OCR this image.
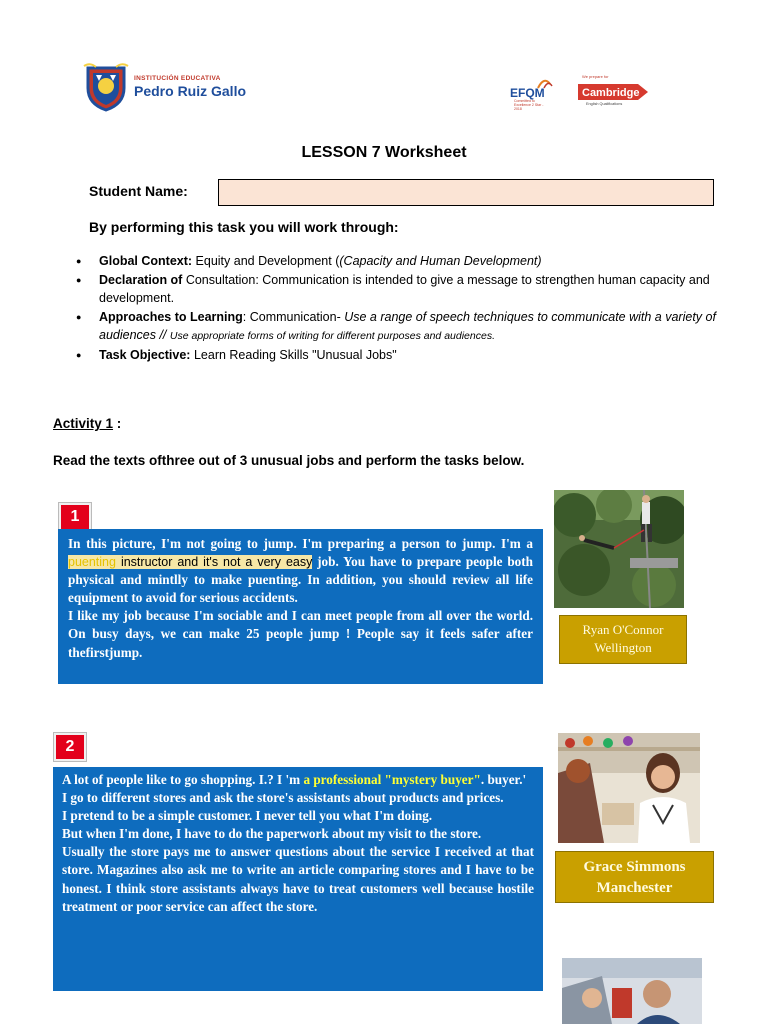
INSTITUCIÓN EDUCATIVA
Pedro Ruiz Gallo	EFQM
Committed to Excellence 2 Star - 2018
We prepare for
Cambridge
English Qualifications
LESSON 7 Worksheet
Student Name:
By performing this task you will work through:
● Global Context: Equity and Development ((Capacity and Human Development)
● Declaration of Consultation: Communication is intended to give a message to strengthen human capacity and development.
● Approaches to Learning: Communication- Use a range of speech techniques to communicate with a variety of audiences // Use appropriate forms of writing for different purposes and audiences.
● Task Objective: Learn Reading Skills "Unusual Jobs"
Activity 1 :
Read the texts ofthree out of 3 unusual jobs and perform the tasks below.
1

In this picture, I'm not going to jump. I'm preparing a person to jump. I'm a puenting instructor and it's not a very easy job. You have to prepare people both physical and mintlly to make puenting. In addition, you should review all life equipment to avoid for serious accidents.

I like my job because I'm sociable and I can meet people from all over the world. On busy days, we can make 25 people jump ! People say it feels safer after thefirstjump.

Ryan O'Connor
Wellington
2

A lot of people like to go shopping. I.? I 'm a professional "mystery buyer". buyer.'

I go to different stores and ask the store's assistants about products and prices.

I pretend to be a simple customer. I never tell you what I'm doing.

But when I'm done, I have to do the paperwork about my visit to the store.

Usually the store pays me to answer questions about the service I received at that store. Magazines also ask me to write an article comparing stores and I have to be honest. I think store assistants always have to treat customers well because hostile treatment or poor service can affect the store.

Grace Simmons
Manchester
